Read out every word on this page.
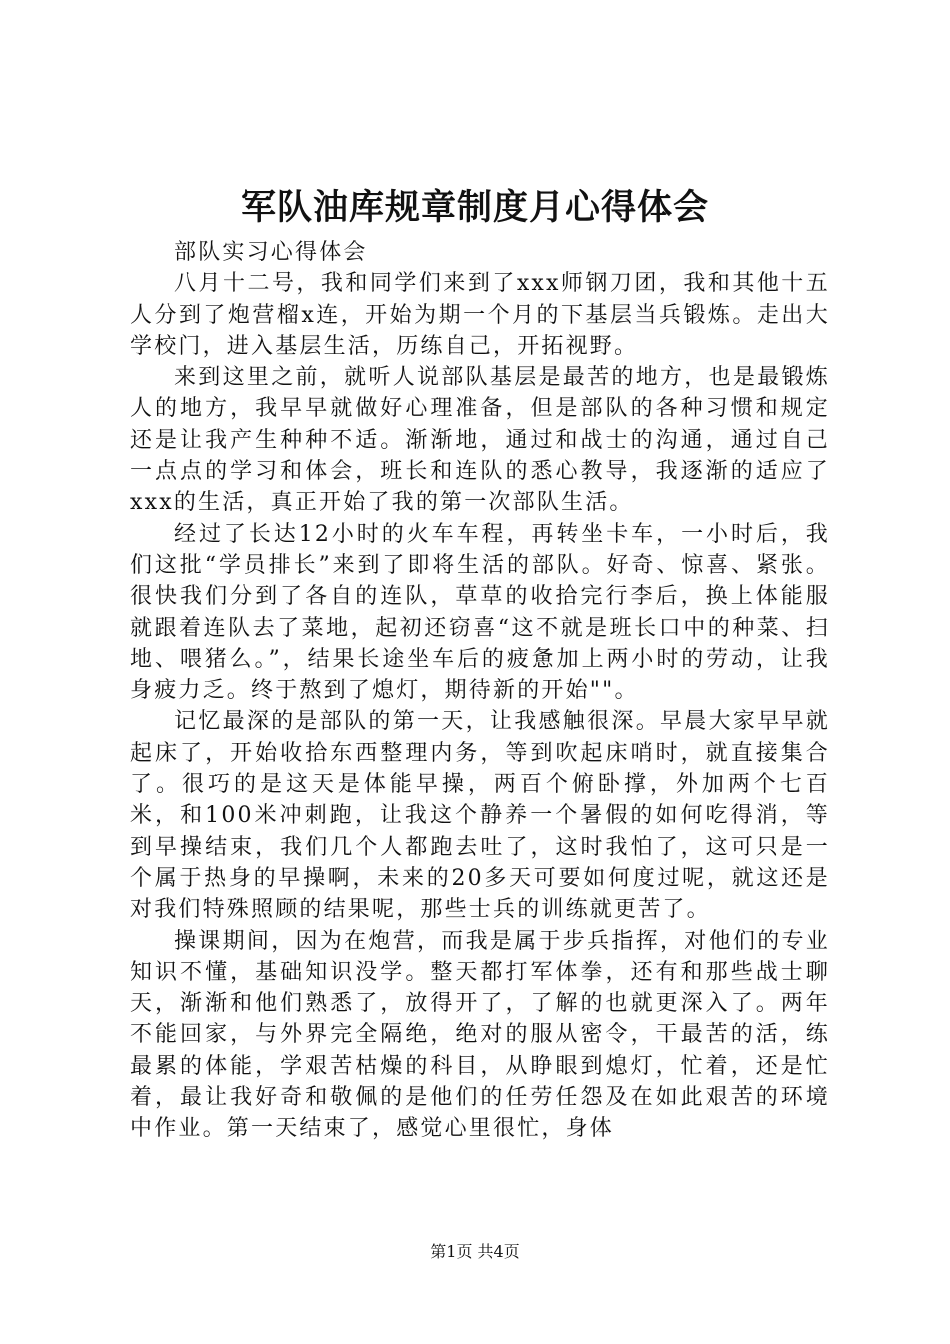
军队油库规章制度月心得体会

部队实习心得体会

八月十二号，我和同学们来到了xxx师钢刀团，我和其他十五人分到了炮营榴x连，开始为期一个月的下基层当兵锻炼。走出大学校门，进入基层生活，历练自己，开拓视野。

来到这里之前，就听人说部队基层是最苦的地方，也是最锻炼人的地方，我早早就做好心理准备，但是部队的各种习惯和规定还是让我产生种种不适。渐渐地，通过和战士的沟通，通过自己一点点的学习和体会，班长和连队的悉心教导，我逐渐的适应了xxx的生活，真正开始了我的第一次部队生活。

经过了长达12小时的火车车程，再转坐卡车，一小时后，我们这批“学员排长”来到了即将生活的部队。好奇、惊喜、紧张。很快我们分到了各自的连队，草草的收拾完行李后，换上体能服就跟着连队去了菜地，起初还窃喜“这不就是班长口中的种菜、扫地、喂猪么。”，结果长途坐车后的疲惫加上两小时的劳动，让我身疲力乏。终于熬到了熄灯，期待新的开始""。

记忆最深的是部队的第一天，让我感触很深。早晨大家早早就起床了，开始收拾东西整理内务，等到吹起床哨时，就直接集合了。很巧的是这天是体能早操，两百个俯卧撑，外加两个七百米，和100米冲刺跑，让我这个静养一个暑假的如何吃得消，等到早操结束，我们几个人都跑去吐了，这时我怕了，这可只是一个属于热身的早操啊，未来的20多天可要如何度过呢，就这还是对我们特殊照顾的结果呢，那些士兵的训练就更苦了。

操课期间，因为在炮营，而我是属于步兵指挥，对他们的专业知识不懂，基础知识没学。整天都打军体拳，还有和那些战士聊天，渐渐和他们熟悉了，放得开了，了解的也就更深入了。两年不能回家，与外界完全隔绝，绝对的服从密令，干最苦的活，练最累的体能，学艰苦枯燥的科目，从睁眼到熄灯，忙着，还是忙着，最让我好奇和敬佩的是他们的任劳任怨及在如此艰苦的环境中作业。第一天结束了，感觉心里很忙，身体

第1页 共4页
